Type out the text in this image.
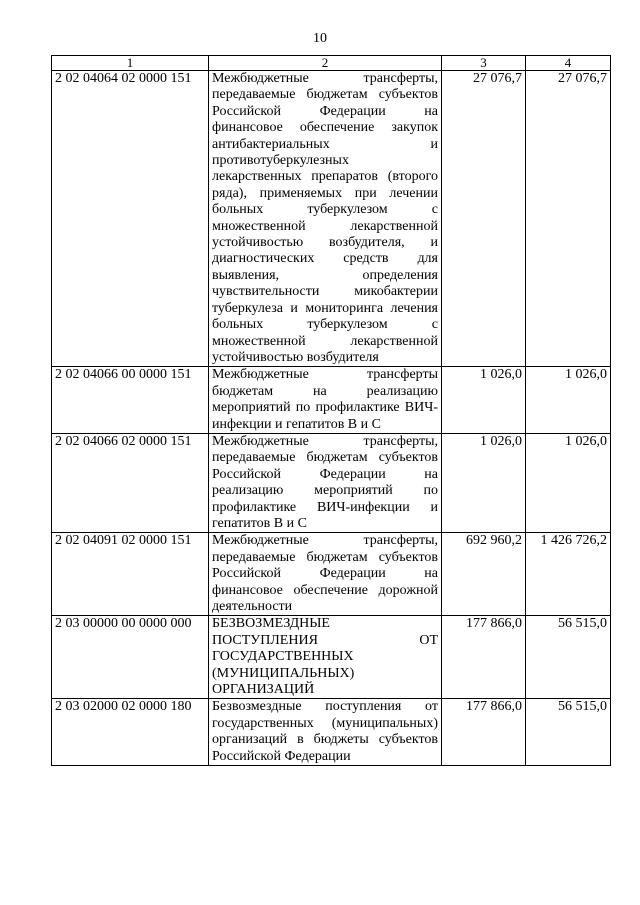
10
1	2	3	4
2 02 04064 02 0000 151	Межбюджетные трансферты, передаваемые бюджетам субъектов Российской Федерации на финансовое обеспечение закупок антибактериальных и противотуберкулезных лекарственных препаратов (второго ряда), применяемых при лечении больных туберкулезом с множественной лекарственной устойчивостью возбудителя, и диагностических средств для выявления, определения чувствительности микобактерии туберкулеза и мониторинга лечения больных туберкулезом с множественной лекарственной устойчивостью возбудителя	27 076,7	27 076,7
2 02 04066 00 0000 151	Межбюджетные трансферты бюджетам на реализацию мероприятий по профилактике ВИЧ-инфекции и гепатитов В и С	1 026,0	1 026,0
2 02 04066 02 0000 151	Межбюджетные трансферты, передаваемые бюджетам субъектов Российской Федерации на реализацию мероприятий по профилактике ВИЧ-инфекции и гепатитов В и С	1 026,0	1 026,0
2 02 04091 02 0000 151	Межбюджетные трансферты, передаваемые бюджетам субъектов Российской Федерации на финансовое обеспечение дорожной деятельности	692 960,2	1 426 726,2
2 03 00000 00 0000 000	БЕЗВОЗМЕЗДНЫЕ ПОСТУПЛЕНИЯ ОТ ГОСУДАРСТВЕННЫХ (МУНИЦИПАЛЬНЫХ) ОРГАНИЗАЦИЙ	177 866,0	56 515,0
2 03 02000 02 0000 180	Безвозмездные поступления от государственных (муниципальных) организаций в бюджеты субъектов Российской Федерации	177 866,0	56 515,0
